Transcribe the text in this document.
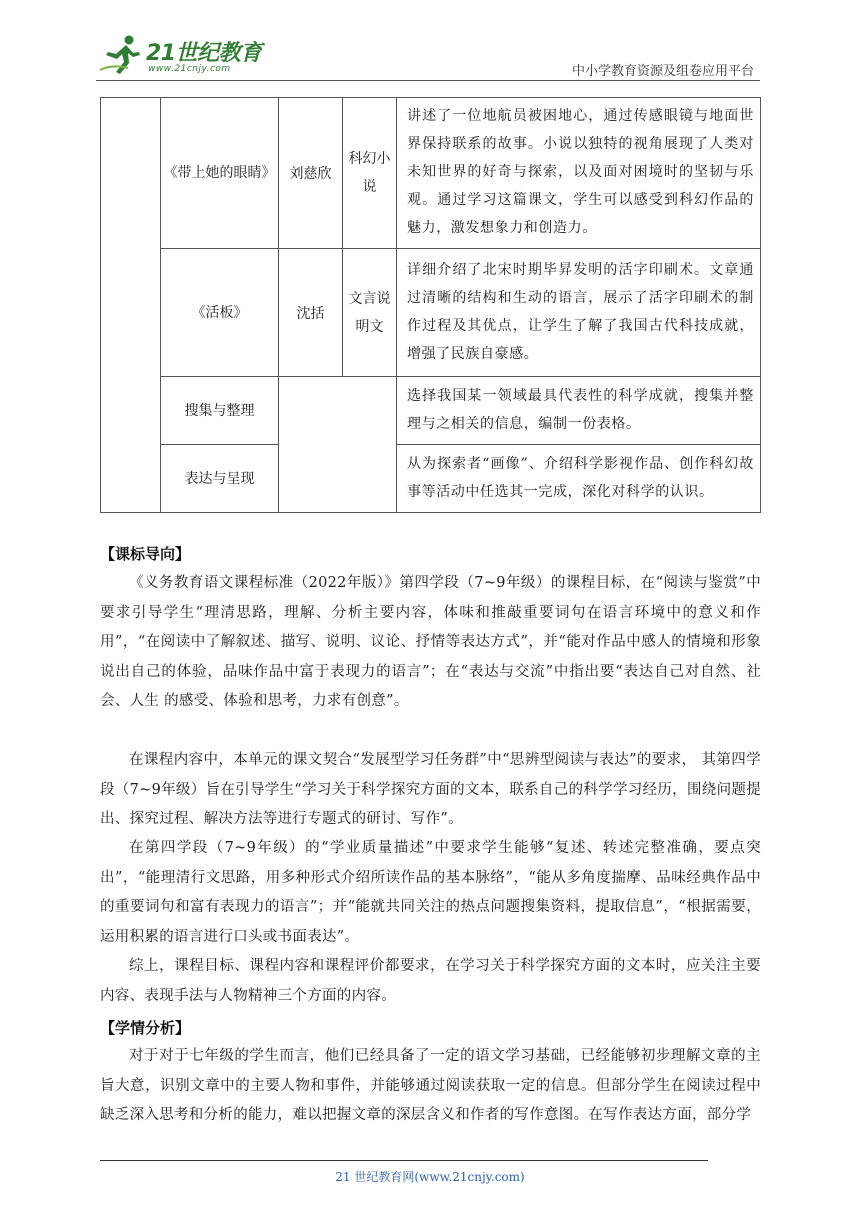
21世纪教育
www.21cnjy.com	中小学教育资源及组卷应用平台
	《带上她的眼睛》	刘慈欣	科幻小说	讲述了一位地航员被困地心，通过传感眼镜与地面世界保持联系的故事。小说以独特的视角展现了人类对未知世界的好奇与探索，以及面对困境时的坚韧与乐观。通过学习这篇课文，学生可以感受到科幻作品的魅力，激发想象力和创造力。
	《活板》	沈括	文言说明文	详细介绍了北宋时期毕昇发明的活字印刷术。文章通过清晰的结构和生动的语言，展示了活字印刷术的制作过程及其优点，让学生了解了我国古代科技成就，增强了民族自豪感。
	搜集与整理			选择我国某一领域最具代表性的科学成就，搜集并整理与之相关的信息，编制一份表格。
	表达与呈现			从为探索者“画像”、介绍科学影视作品、创作科幻故事等活动中任选其一完成，深化对科学的认识。
【课标导向】

《义务教育语文课程标准（2022年版）》第四学段（7~9年级）的课程目标，在“阅读与鉴赏”中要求引导学生“理清思路，理解、分析主要内容，体味和推敲重要词句在语言环境中的意义和作用”，“在阅读中了解叙述、描写、说明、议论、抒情等表达方式”，并“能对作品中感人的情境和形象说出自己的体验，品味作品中富于表现力的语言”；在“表达与交流”中指出要“表达自己对自然、社会、人生 的感受、体验和思考，力求有创意”。

在课程内容中，本单元的课文契合“发展型学习任务群”中“思辨型阅读与表达”的要求， 其第四学段（7~9年级）旨在引导学生“学习关于科学探究方面的文本，联系自己的科学学习经历，围绕问题提出、探究过程、解决方法等进行专题式的研讨、写作”。

在第四学段（7~9年级）的“学业质量描述”中要求学生能够“复述、转述完整准确，要点突出”，“能理清行文思路，用多种形式介绍所读作品的基本脉络”，“能从多角度揣摩、品味经典作品中的重要词句和富有表现力的语言”；并“能就共同关注的热点问题搜集资料，提取信息”，“根据需要，运用积累的语言进行口头或书面表达”。

综上，课程目标、课程内容和课程评价都要求，在学习关于科学探究方面的文本时，应关注主要内容、表现手法与人物精神三个方面的内容。

【学情分析】

对于对于七年级的学生而言，他们已经具备了一定的语文学习基础，已经能够初步理解文章的主旨大意，识别文章中的主要人物和事件，并能够通过阅读获取一定的信息。但部分学生在阅读过程中缺乏深入思考和分析的能力，难以把握文章的深层含义和作者的写作意图。在写作表达方面，部分学

21 世纪教育网(www.21cnjy.com)
